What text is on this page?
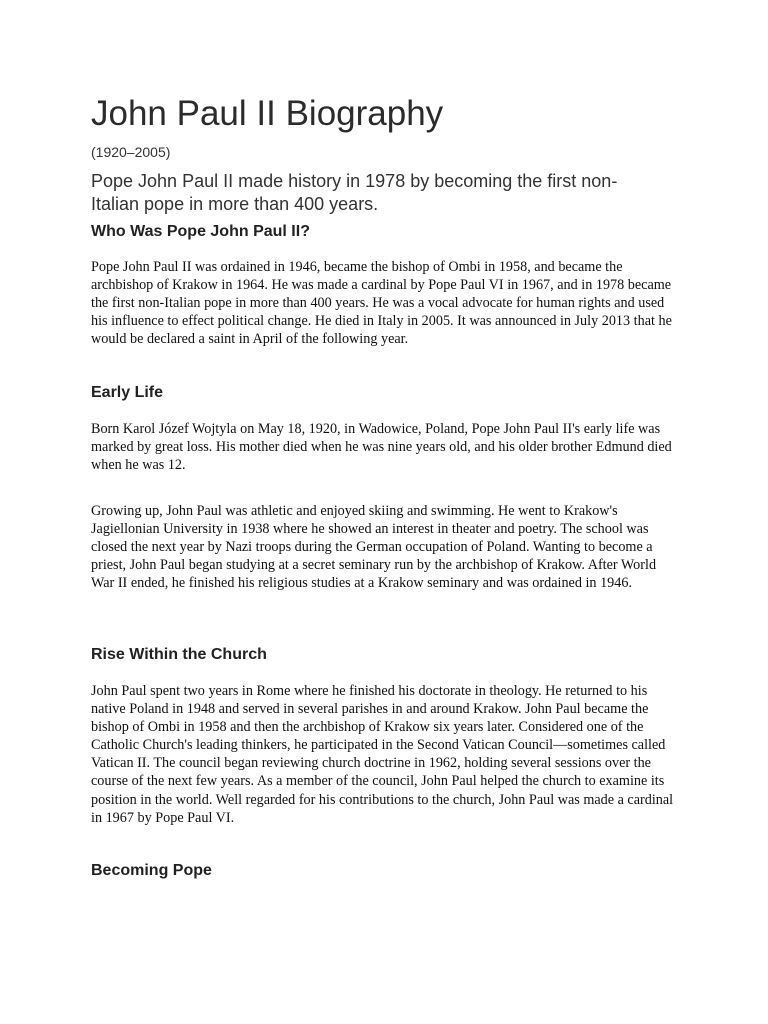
John Paul II Biography
(1920–2005)

Pope John Paul II made history in 1978 by becoming the first non-Italian pope in more than 400 years.

Who Was Pope John Paul II?

Pope John Paul II was ordained in 1946, became the bishop of Ombi in 1958, and became the archbishop of Krakow in 1964. He was made a cardinal by Pope Paul VI in 1967, and in 1978 became the first non-Italian pope in more than 400 years. He was a vocal advocate for human rights and used his influence to effect political change. He died in Italy in 2005. It was announced in July 2013 that he would be declared a saint in April of the following year.

Early Life

Born Karol Józef Wojtyla on May 18, 1920, in Wadowice, Poland, Pope John Paul II's early life was marked by great loss. His mother died when he was nine years old, and his older brother Edmund died when he was 12.

Growing up, John Paul was athletic and enjoyed skiing and swimming. He went to Krakow's Jagiellonian University in 1938 where he showed an interest in theater and poetry. The school was closed the next year by Nazi troops during the German occupation of Poland. Wanting to become a priest, John Paul began studying at a secret seminary run by the archbishop of Krakow. After World War II ended, he finished his religious studies at a Krakow seminary and was ordained in 1946.

Rise Within the Church

John Paul spent two years in Rome where he finished his doctorate in theology. He returned to his native Poland in 1948 and served in several parishes in and around Krakow. John Paul became the bishop of Ombi in 1958 and then the archbishop of Krakow six years later. Considered one of the Catholic Church's leading thinkers, he participated in the Second Vatican Council—sometimes called Vatican II. The council began reviewing church doctrine in 1962, holding several sessions over the course of the next few years. As a member of the council, John Paul helped the church to examine its position in the world. Well regarded for his contributions to the church, John Paul was made a cardinal in 1967 by Pope Paul VI.

Becoming Pope
